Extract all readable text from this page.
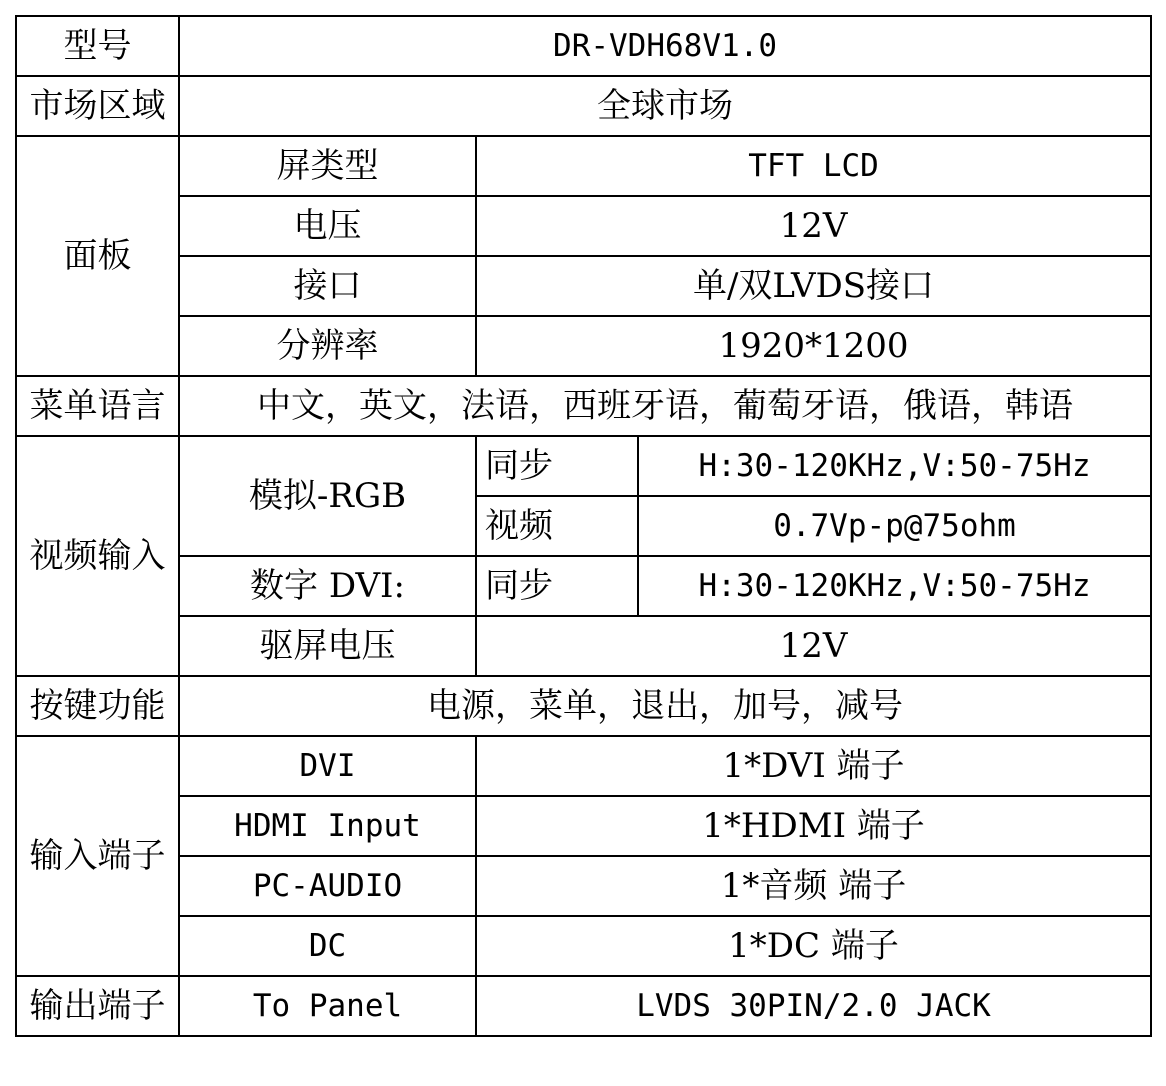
型号	DR-VDH68V1.0		
市场区域	全球市场		
面板	屏类型	TFT LCD	
	电压	12V	
	接口	单/双LVDS接口	
	分辨率	1920*1200	
菜单语言	中文，英文，法语，西班牙语，葡萄牙语，俄语，韩语		
视频输入	模拟-RGB	同步	H:30-120KHz,V:50-75Hz
		视频	0.7Vp-p@75ohm
	数字 DVI:	同步	H:30-120KHz,V:50-75Hz
	驱屏电压	12V	
按键功能	电源，菜单，退出，加号，减号		
输入端子	DVI	1*DVI 端子	
	HDMI Input	1*HDMI 端子	
	PC-AUDIO	1*音频 端子	
	DC	1*DC 端子	
输出端子	To Panel	LVDS 30PIN/2.0 JACK	
